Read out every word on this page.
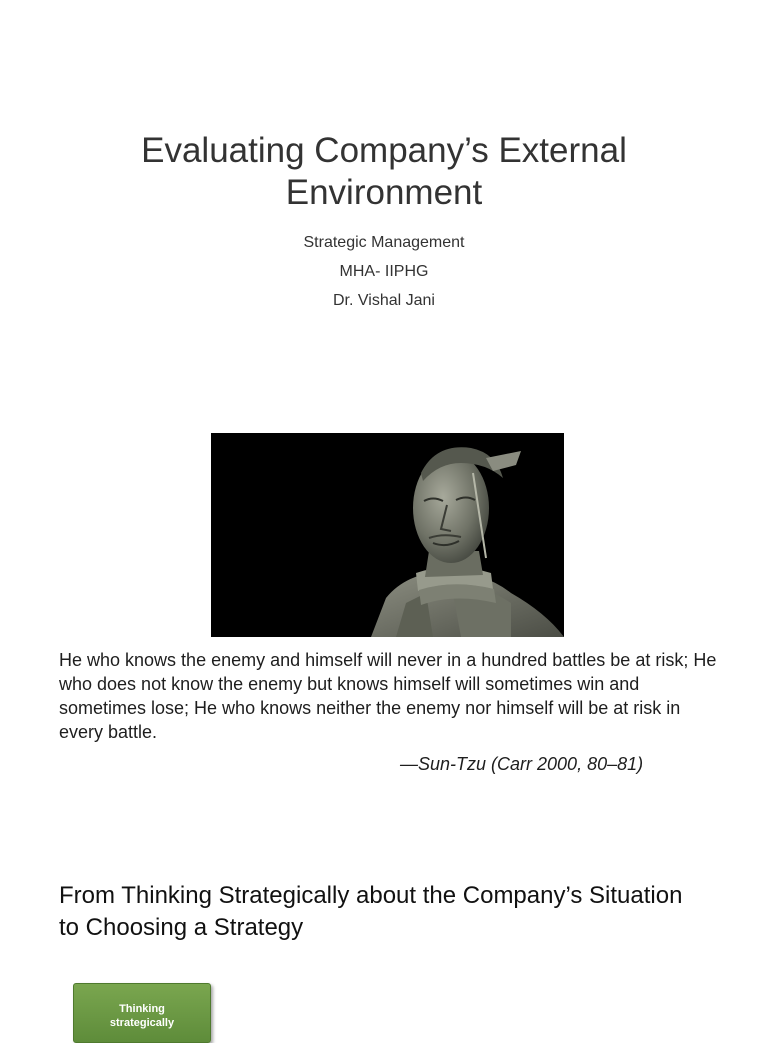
Evaluating Company’s External Environment
Strategic Management
MHA- IIPHG
Dr. Vishal Jani
He who knows the enemy and himself will never in a hundred battles be at risk; He who does not know the enemy but knows himself will sometimes win and sometimes lose; He who knows neither the enemy nor himself will be at risk in every battle.
—Sun-Tzu (Carr 2000, 80–81)
From Thinking Strategically about the Company’s Situation to Choosing a Strategy
Thinking
strategically
